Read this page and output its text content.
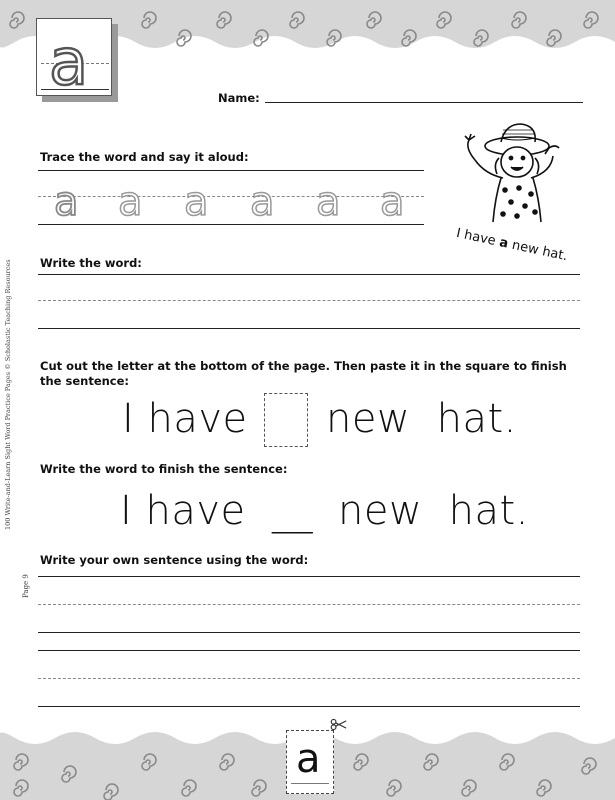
a	Name:
I have a new hat.
Trace the word and say it aloud:
a a a a a a
Write the word:
Cut out the letter at the bottom of the page. Then paste it in the square to finish
the sentence:
I have new  hat.
Write the word to finish the sentence:
I have __ new  hat.
Write your own sentence using the word:
100 Write-and-Learn Sight Word Practice Pages © Scholastic Teaching Resources
Page 9
a
